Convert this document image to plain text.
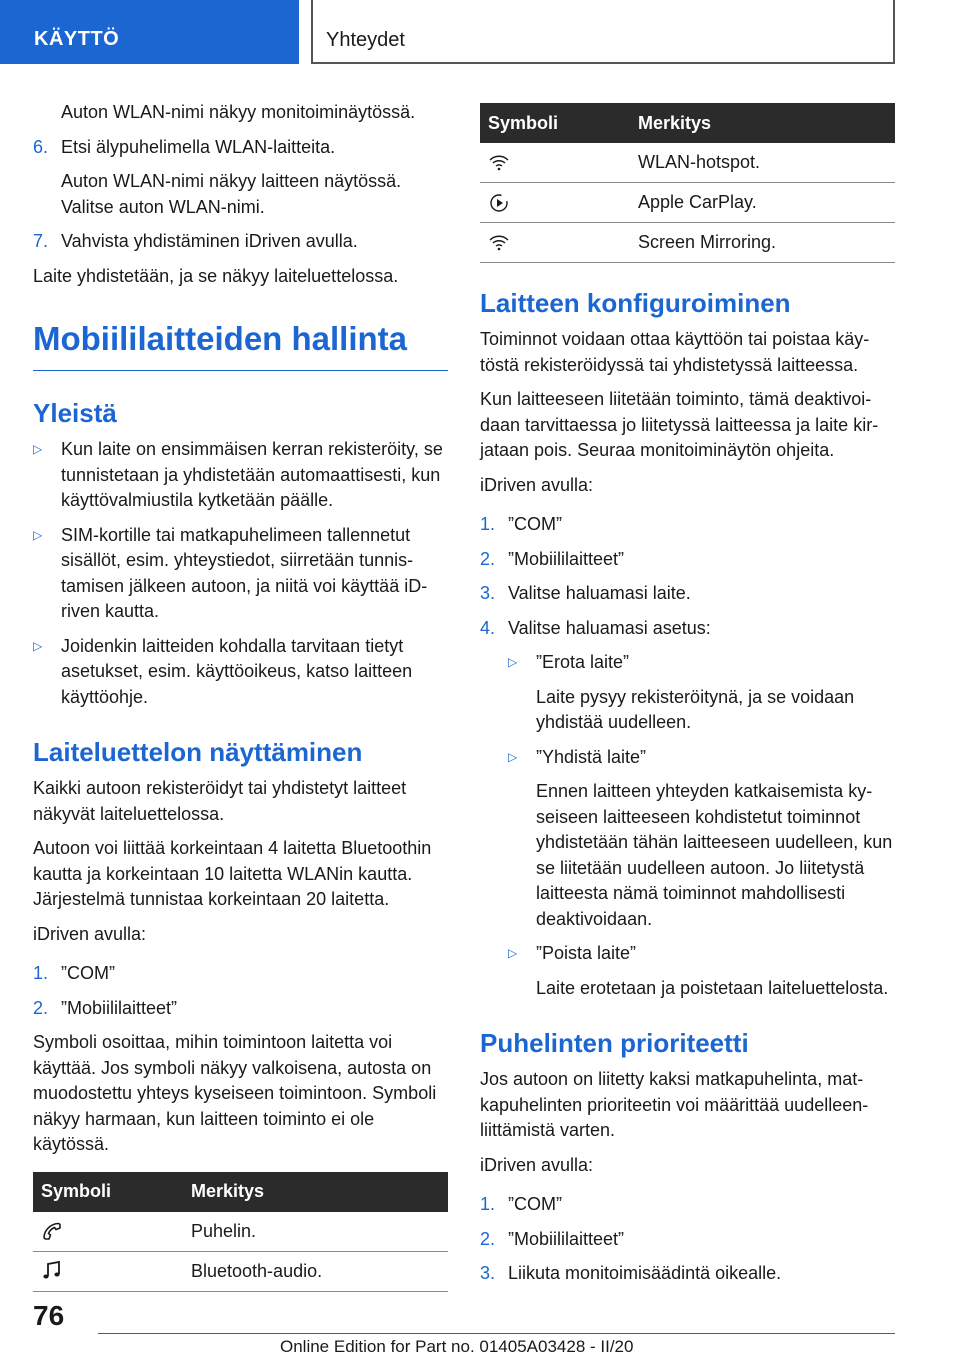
KÄYTTÖ	Yhteydet

Auton WLAN-nimi näkyy monitoiminäytössä.

6. Etsi älypuhelimella WLAN-laitteita.

Auton WLAN-nimi näkyy laitteen näytössä. Valitse auton WLAN-nimi.

7. Vahvista yhdistäminen iDriven avulla.

Laite yhdistetään, ja se näkyy laiteluettelossa.

Mobiililaitteiden hallinta
Yleistä
▷	Kun laite on ensimmäisen kerran rekisteröity, se tunnistetaan ja yhdistetään automaattisesti, kun käyttövalmiustila kytketään päälle.
▷	SIM-kortille tai matkapuhelimeen tallennetut sisällöt, esim. yhteystiedot, siirretään tunnistamisen jälkeen autoon, ja niitä voi käyttää iDriven kautta.
▷	Joidenkin laitteiden kohdalla tarvitaan tietyt asetukset, esim. käyttöoikeus, katso laitteen käyttöohje.
Laiteluettelon näyttäminen

Kaikki autoon rekisteröidyt tai yhdistetyt laitteet näkyvät laiteluettelossa.

Autoon voi liittää korkeintaan 4 laitetta Bluetoothin kautta ja korkeintaan 10 laitetta WLANin kautta. Järjestelmä tunnistaa korkeintaan 20 laitetta.

iDriven avulla:

1. ”COM”
2. ”Mobiililaitteet”

Symboli osoittaa, mihin toimintoon laitetta voi käyttää. Jos symboli näkyy valkoisena, autosta on muodostettu yhteys kyseiseen toimintoon. Symboli näkyy harmaan, kun laitteen toiminto ei ole käytössä.

Symboli	Merkitys
	Puhelin.
	Bluetooth-audio.
Symboli	Merkitys
	WLAN-hotspot.
	Apple CarPlay.
	Screen Mirroring.
Laitteen konfiguroiminen

Toiminnot voidaan ottaa käyttöön tai poistaa käytöstä rekisteröidyssä tai yhdistetyssä laitteessa.

Kun laitteeseen liitetään toiminto, tämä deaktivoidaan tarvittaessa jo liitetyssä laitteessa ja laite kirjataan pois. Seuraa monitoiminäytön ohjeita.

iDriven avulla:

1. ”COM”
2. ”Mobiililaitteet”
3. Valitse haluamasi laite.
4. Valitse haluamasi asetus:
▷	”Erota laite”

Laite pysyy rekisteröitynä, ja se voidaan yhdistää uudelleen.

▷	”Yhdistä laite”

Ennen laitteen yhteyden katkaisemista kyseiseen laitteeseen kohdistetut toiminnot yhdistetään tähän laitteeseen uudelleen, kun se liitetään uudelleen autoon. Jo liitetystä laitteesta nämä toiminnot mahdollisesti deaktivoidaan.

▷	”Poista laite”

Laite erotetaan ja poistetaan laiteluettelosta.

Puhelinten prioriteetti

Jos autoon on liitetty kaksi matkapuhelinta, matkapuhelinten prioriteetin voi määrittää uudelleenliittämistä varten.

iDriven avulla:

1. ”COM”
2. ”Mobiililaitteet”
3. Liikuta monitoimisäädintä oikealle.
76
Online Edition for Part no. 01405A03428 - II/20
